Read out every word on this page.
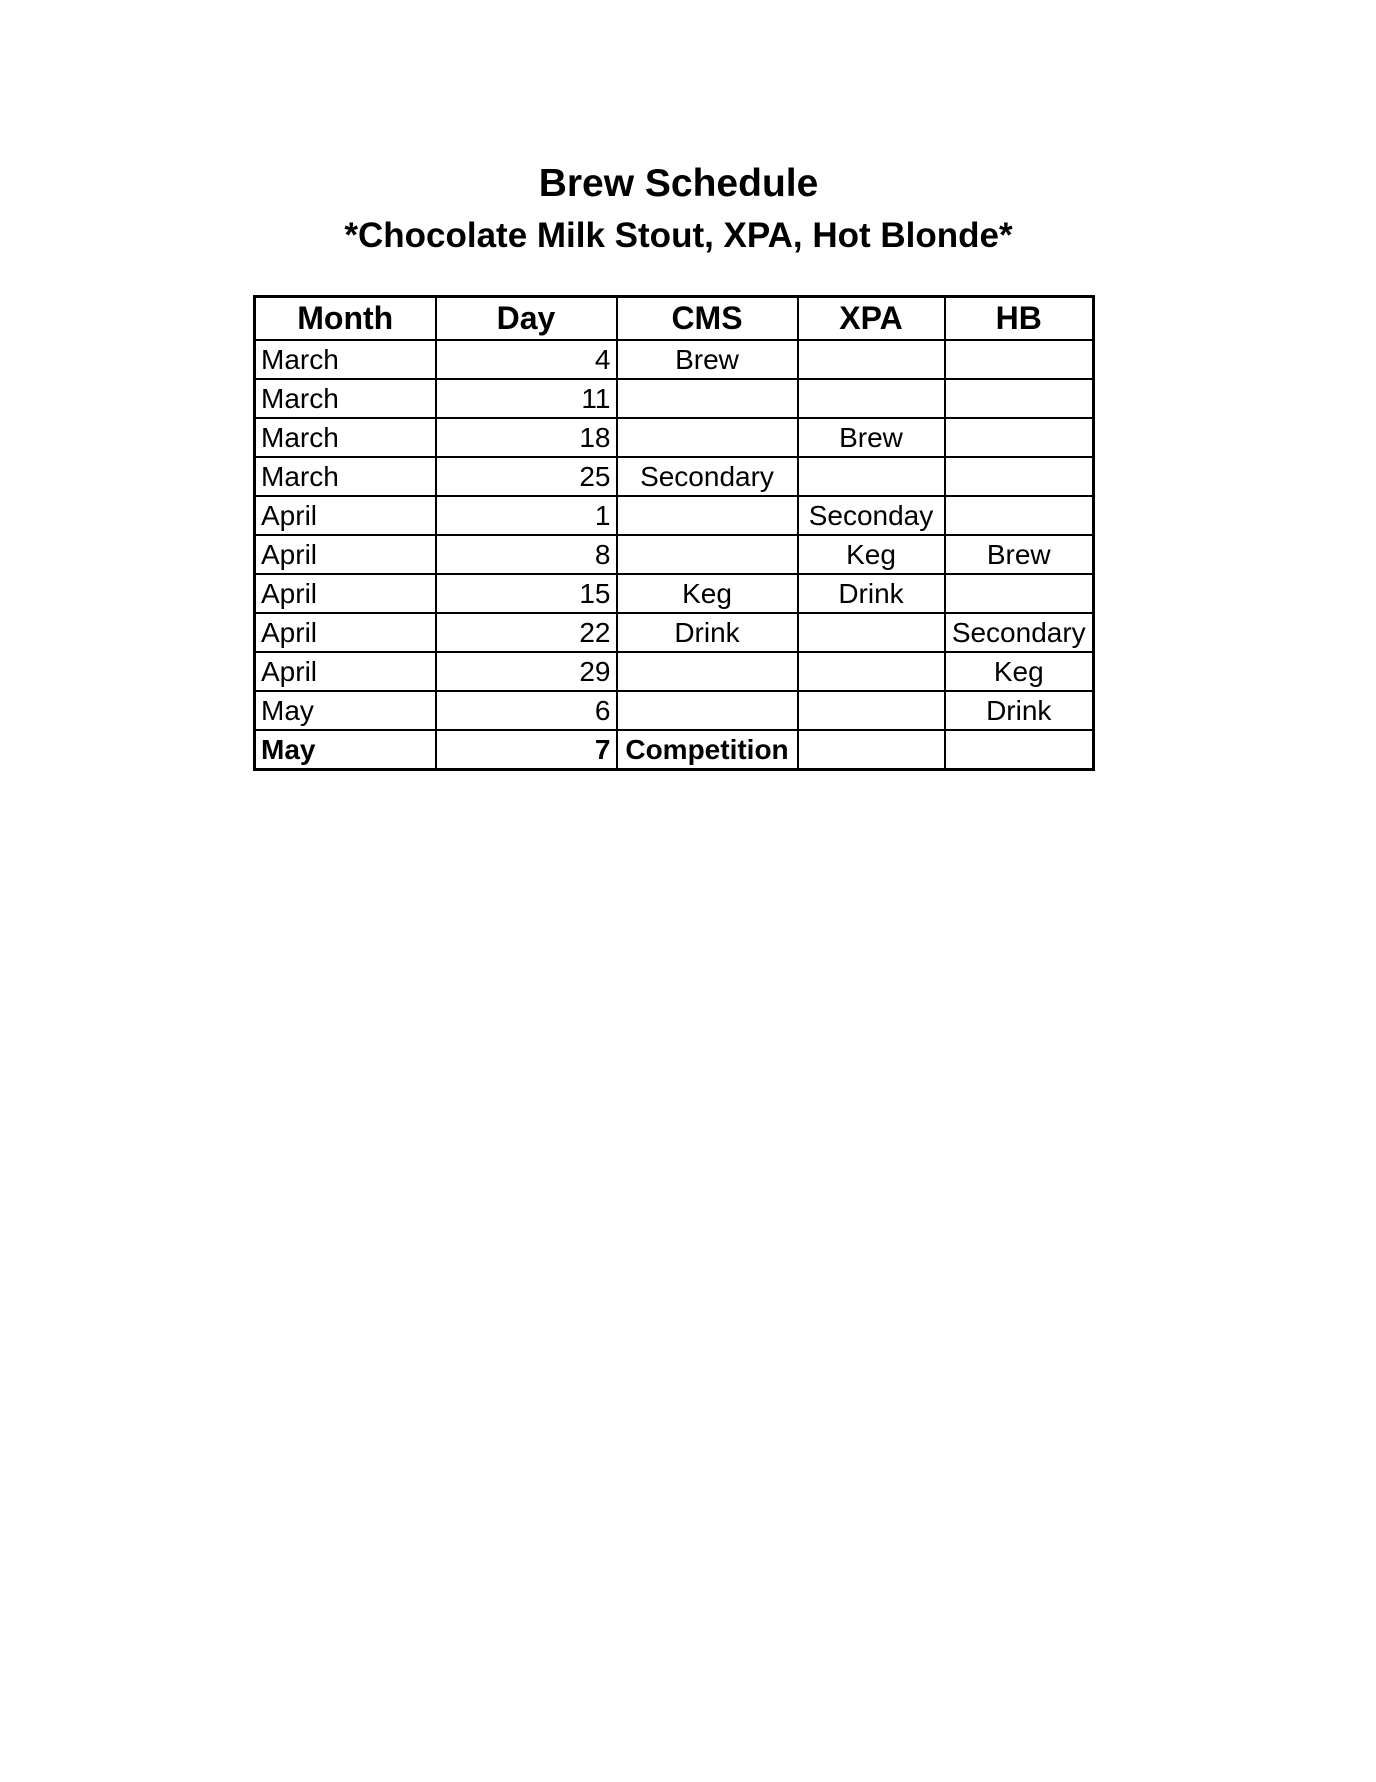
Brew Schedule
*Chocolate Milk Stout, XPA, Hot Blonde*
Month	Day	CMS	XPA	HB
March	4	Brew		
March	11			
March	18		Brew	
March	25	Secondary		
April	1		Seconday	
April	8		Keg	Brew
April	15	Keg	Drink	
April	22	Drink		Secondary
April	29			Keg
May	6			Drink
May	7	Competition		
